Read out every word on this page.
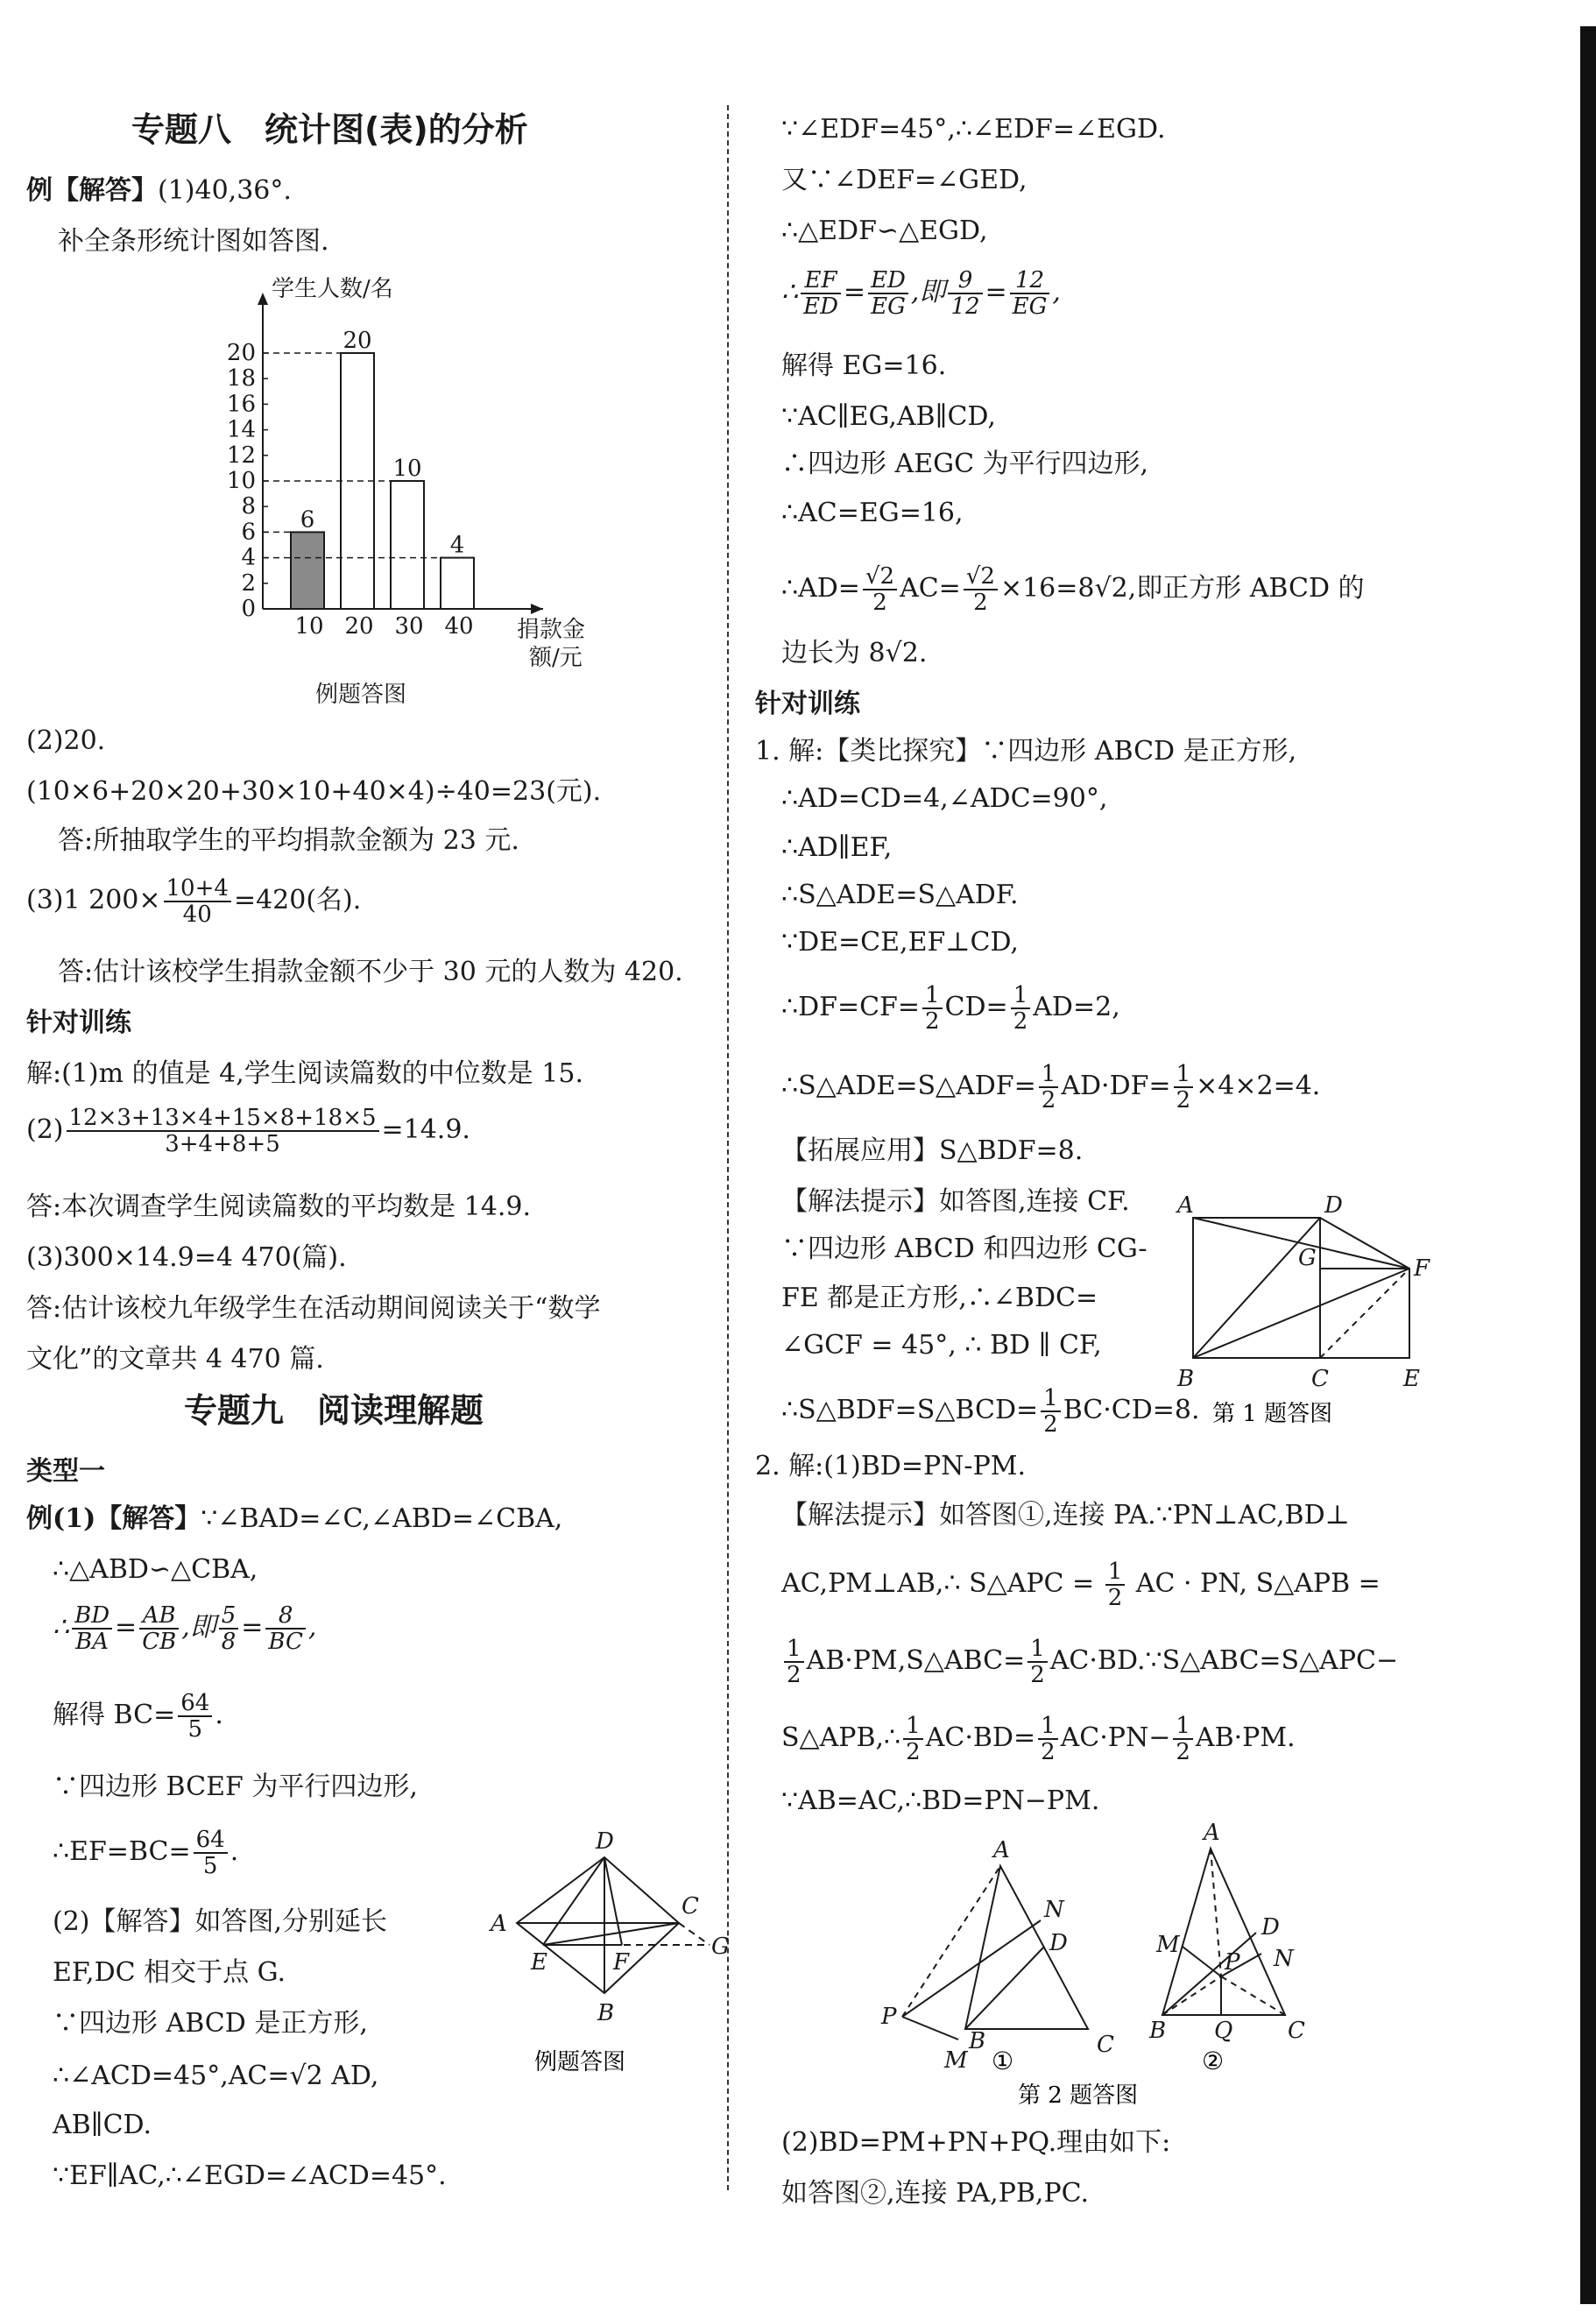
专题八　统计图(表)的分析
例【解答】(1)40,36°.
补全条形统计图如答图.
学生人数/名
0
2
4
6
8
10
12
14
16
18
20
6
10
20
20
10
30
4
40 捐款金
额/元
例题答图
(2)20.
(10×6+20×20+30×10+40×4)÷40=23(元).
答:所抽取学生的平均捐款金额为 23 元.
(3)1 $200\times \frac{10+4}{40} =420$(名).
答:估计该校学生捐款金额不少于 30 元的人数为 420.
针对训练
解:(1)m 的值是 4,学生阅读篇数的中位数是 15.
$(2) \frac{12\times 3+13\times 4+15\times 8+18\times 5}{3+4+8+5} =14.9$.
答:本次调查学生阅读篇数的平均数是 14.9.
(3)300×14.9=4 470(篇).
答:估计该校九年级学生在活动期间阅读关于“数学
文化”的文章共 4 470 篇.
专题九　阅读理解题
类型一
例(1)【解答】∵∠BAD=∠C,∠ABD=∠CBA,
∴△ABD∽△CBA,
∴ $\frac{BD}{BA} = \frac{AB}{CB}$ ,即 $\frac{5}{8} = \frac{8}{BC}$ ,
解得 $BC= \frac{64}{5}$ .
∵四边形 BCEF 为平行四边形,
∴EF=BC= $\frac{64}{5}$ .
(2)【解答】如答图,分别延长
EF,DC 相交于点 G.
∵四边形 ABCD 是正方形,
∴∠ACD=45°,AC=√2 AD,
AB∥CD.
∵EF∥AC,∴∠EGD=∠ACD=45°.
D
A
C
G
E	F
B
例题答图
∵∠EDF=45°,∴∠EDF=∠EGD.
又∵∠DEF=∠GED,
∴△EDF∽△EGD,
∴ $\frac{EF}{ED} = \frac{ED}{EG}$ ,即 $\frac{9}{12} = \frac{12}{EG}$ ,
解得 EG=16.
∵AC∥EG,AB∥CD,
∴四边形 AEGC 为平行四边形,
∴AC=EG=16,
∴AD= $\frac{√2}{2} AC= \frac{√2}{2} \times 16=8√2$,即正方形 ABCD 的
边长为 8√2.
针对训练
1. 解:【类比探究】∵四边形 ABCD 是正方形,
∴AD=CD=4,∠ADC=90°,
∴AD∥EF,
∴S△ADE=S△ADF.
∵DE=CE,EF⊥CD,
∴DF=CF= $\frac{1}{2} CD= \frac{1}{2} AD=2$,
∴S△ADE=S△ADF= $\frac{1}{2} AD\cdot DF= \frac{1}{2} \times 4\times 2=4$.
【拓展应用】S△BDF=8.
【解法提示】如答图,连接 CF.
∵四边形 ABCD 和四边形 CG-
FE 都是正方形,∴∠BDC=
∠GCF = 45°, ∴ BD ∥ CF,
∴S△BDF=S△BCD= $\frac{1}{2} BC\cdot CD=8$.
A	D
G	F
B	C	E
第 1 题答图
2. 解:(1)BD=PN-PM.
【解法提示】如答图①,连接 PA.∵PN⊥AC,BD⊥
AC,PM⊥AB,∴ S△APC = $\frac{1}{2}$ AC · PN, S△APB =
$\frac{1}{2}$ AB·PM,S△ABC= $\frac{1}{2}$ AC·BD.∵S△ABC=S△APC−
S△APB,∴ $\frac{1}{2} AC\cdot BD= \frac{1}{2} AC\cdot PN- \frac{1}{2} AB\cdot PM$.
∵AB=AC,∴BD=PN−PM.
A
N
D
P
B
M
C
A
M
D
N
P
B Q C
①	②
第 2 题答图
(2)BD=PM+PN+PQ.理由如下:
如答图②,连接 PA,PB,PC.
